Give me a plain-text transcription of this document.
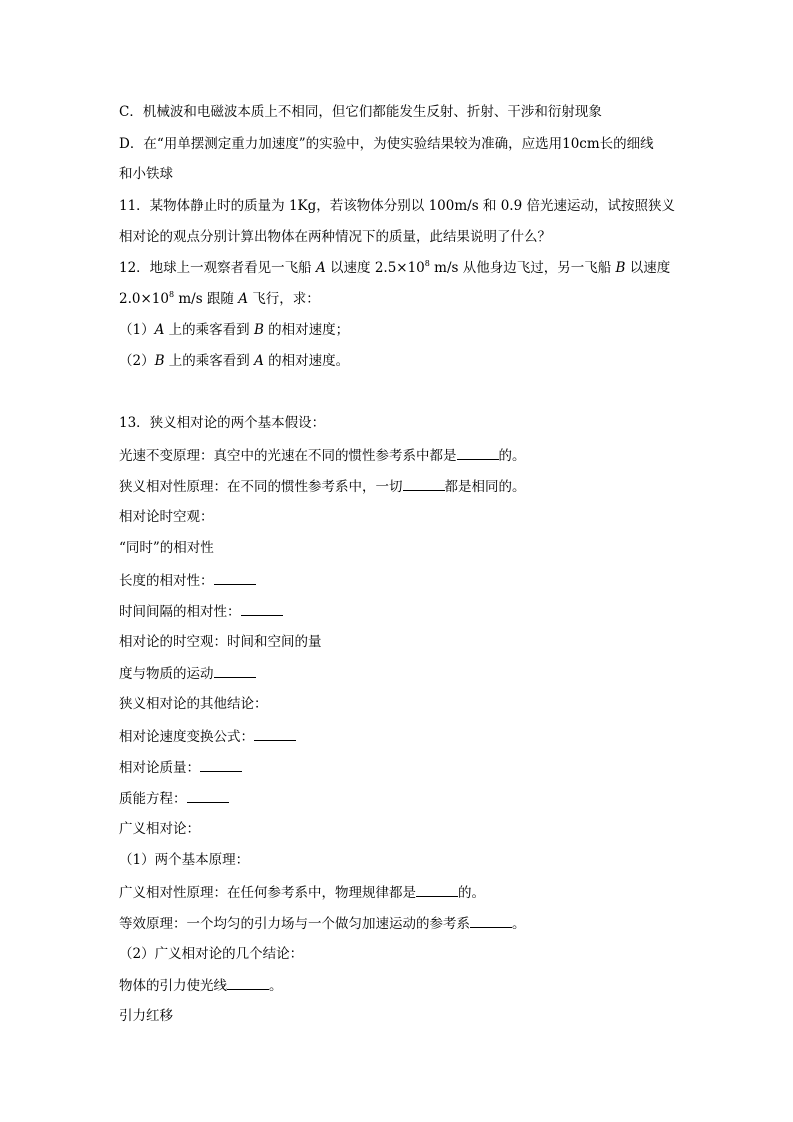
C．机械波和电磁波本质上不相同，但它们都能发生反射、折射、干涉和衍射现象
D．在“用单摆测定重力加速度”的实验中，为使实验结果较为准确，应选用10cm长的细线
和小铁球
11．某物体静止时的质量为 1Kg，若该物体分别以 100m/s 和 0.9 倍光速运动，试按照狭义
相对论的观点分别计算出物体在两种情况下的质量，此结果说明了什么？
12．地球上一观察者看见一飞船 A 以速度 $2.5\times 10^8$ m/s 从他身边飞过，另一飞船 B 以速度
$2.0\times 10^8$ m/s 跟随 A 飞行，求：
（1）A 上的乘客看到 B 的相对速度；
（2）B 上的乘客看到 A 的相对速度。
13．狭义相对论的两个基本假设：
光速不变原理：真空中的光速在不同的惯性参考系中都是	的。
狭义相对性原理：在不同的惯性参考系中，一切	都是相同的。
相对论时空观：
“同时”的相对性
长度的相对性：
时间间隔的相对性：
相对论的时空观：时间和空间的量
度与物质的运动
狭义相对论的其他结论：
相对论速度变换公式：
相对论质量：
质能方程：
广义相对论：
（1）两个基本原理：
广义相对性原理：在任何参考系中，物理规律都是	的。
等效原理：一个均匀的引力场与一个做匀加速运动的参考系	。
（2）广义相对论的几个结论：
物体的引力使光线	。
引力红移
